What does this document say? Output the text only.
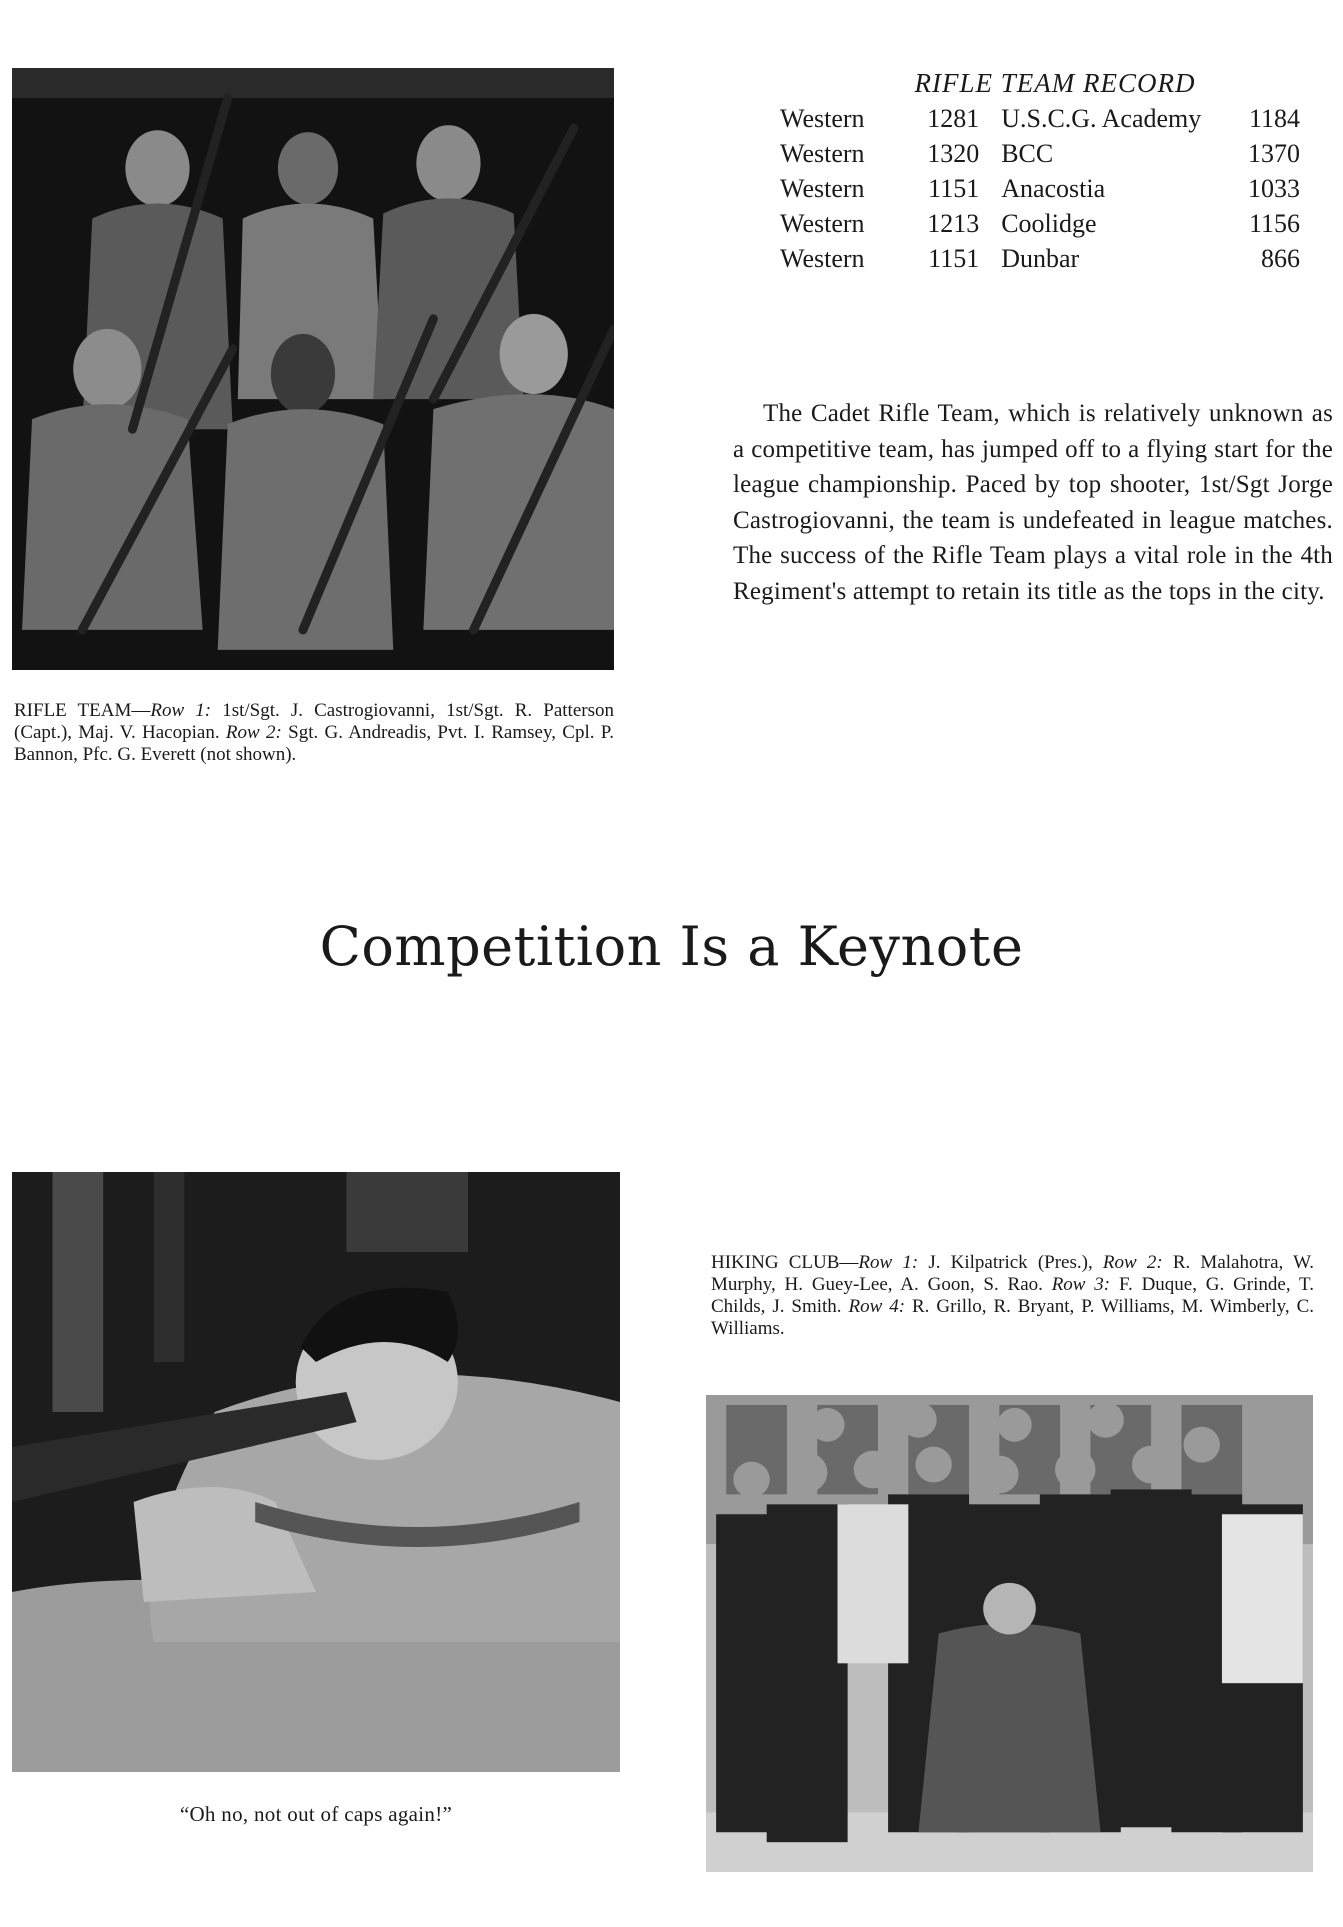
RIFLE TEAM RECORD
Western	1281 U.S.C.G. Academy	1184
Western	1320 BCC	1370
Western	1151 Anacostia	1033
Western	1213 Coolidge	1156
Western	1151 Dunbar	866

The Cadet Rifle Team, which is relatively unknown as a competitive team, has jumped off to a flying start for the league championship. Paced by top shooter, 1st/Sgt Jorge Castrogiovanni, the team is undefeated in league matches. The success of the Rifle Team plays a vital role in the 4th Regiment's attempt to retain its title as the tops in the city.

RIFLE TEAM—Row 1: 1st/Sgt. J. Castrogiovanni, 1st/Sgt. R. Patterson (Capt.), Maj. V. Hacopian. Row 2: Sgt. G. Andreadis, Pvt. I. Ramsey, Cpl. P. Bannon, Pfc. G. Everett (not shown).

Competition Is a Keynote

“Oh no, not out of caps again!”

HIKING CLUB—Row 1: J. Kilpatrick (Pres.), Row 2: R. Malahotra, W. Murphy, H. Guey-Lee, A. Goon, S. Rao. Row 3: F. Duque, G. Grinde, T. Childs, J. Smith. Row 4: R. Grillo, R. Bryant, P. Williams, M. Wimberly, C. Williams.
